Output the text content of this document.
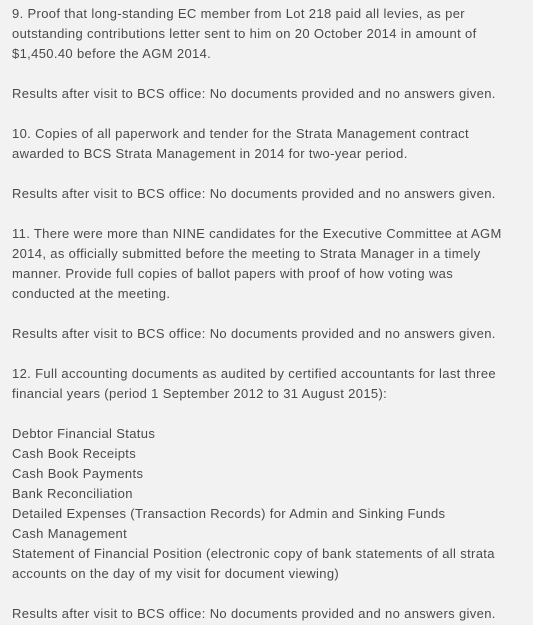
9. Proof that long-standing EC member from Lot 218 paid all levies, as per
outstanding contributions letter sent to him on 20 October 2014 in amount of
$1,450.40 before the AGM 2014.

Results after visit to BCS office: No documents provided and no answers given.

10. Copies of all paperwork and tender for the Strata Management contract
awarded to BCS Strata Management in 2014 for two-year period.

Results after visit to BCS office: No documents provided and no answers given.

11. There were more than NINE candidates for the Executive Committee at AGM
2014, as officially submitted before the meeting to Strata Manager in a timely
manner. Provide full copies of ballot papers with proof of how voting was
conducted at the meeting.

Results after visit to BCS office: No documents provided and no answers given.

12. Full accounting documents as audited by certified accountants for last three
financial years (period 1 September 2012 to 31 August 2015):

Debtor Financial Status
Cash Book Receipts
Cash Book Payments
Bank Reconciliation
Detailed Expenses (Transaction Records) for Admin and Sinking Funds
Cash Management
Statement of Financial Position (electronic copy of bank statements of all strata
accounts on the day of my visit for document viewing)

Results after visit to BCS office: No documents provided and no answers given.
